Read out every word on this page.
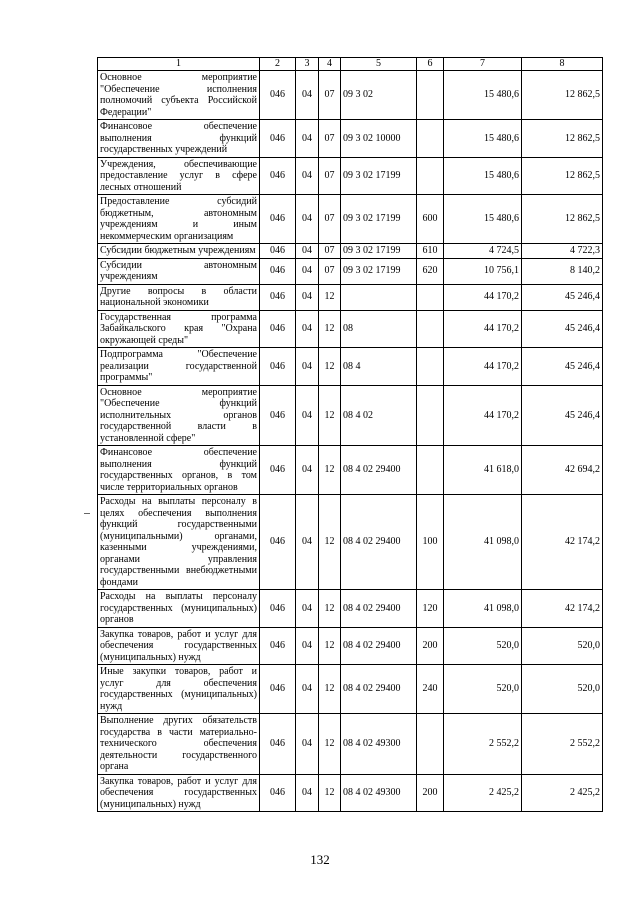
1	2	3	4	5	6	7	8
Основное мероприятие "Обеспечение исполнения полномочий субъекта Российской Федерации"	046	04	07	09 3 02		15 480,6	12 862,5
Финансовое обеспечение выполнения функций государственных учреждений	046	04	07	09 3 02 10000		15 480,6	12 862,5
Учреждения, обеспечивающие предоставление услуг в сфере лесных отношений	046	04	07	09 3 02 17199		15 480,6	12 862,5
Предоставление субсидий бюджетным, автономным учреждениям и иным некоммерческим организациям	046	04	07	09 3 02 17199	600	15 480,6	12 862,5
Субсидии бюджетным учреждениям	046	04	07	09 3 02 17199	610	4 724,5	4 722,3
Субсидии автономным учреждениям	046	04	07	09 3 02 17199	620	10 756,1	8 140,2
Другие вопросы в области национальной экономики	046	04	12			44 170,2	45 246,4
Государственная программа Забайкальского края "Охрана окружающей среды"	046	04	12	08		44 170,2	45 246,4
Подпрограмма "Обеспечение реализации государственной программы"	046	04	12	08 4		44 170,2	45 246,4
Основное мероприятие "Обеспечение функций исполнительных органов государственной власти в установленной сфере"	046	04	12	08 4 02		44 170,2	45 246,4
Финансовое обеспечение выполнения функций государственных органов, в том числе территориальных органов	046	04	12	08 4 02 29400		41 618,0	42 694,2
Расходы на выплаты персоналу в целях обеспечения выполнения функций государственными (муниципальными) органами, казенными учреждениями, органами управления государственными внебюджетными фондами	046	04	12	08 4 02 29400	100	41 098,0	42 174,2
Расходы на выплаты персоналу государственных (муниципальных) органов	046	04	12	08 4 02 29400	120	41 098,0	42 174,2
Закупка товаров, работ и услуг для обеспечения государственных (муниципальных) нужд	046	04	12	08 4 02 29400	200	520,0	520,0
Иные закупки товаров, работ и услуг для обеспечения государственных (муниципальных) нужд	046	04	12	08 4 02 29400	240	520,0	520,0
Выполнение других обязательств государства в части материально-технического обеспечения деятельности государственного органа	046	04	12	08 4 02 49300		2 552,2	2 552,2
Закупка товаров, работ и услуг для обеспечения государственных (муниципальных) нужд	046	04	12	08 4 02 49300	200	2 425,2	2 425,2
132
